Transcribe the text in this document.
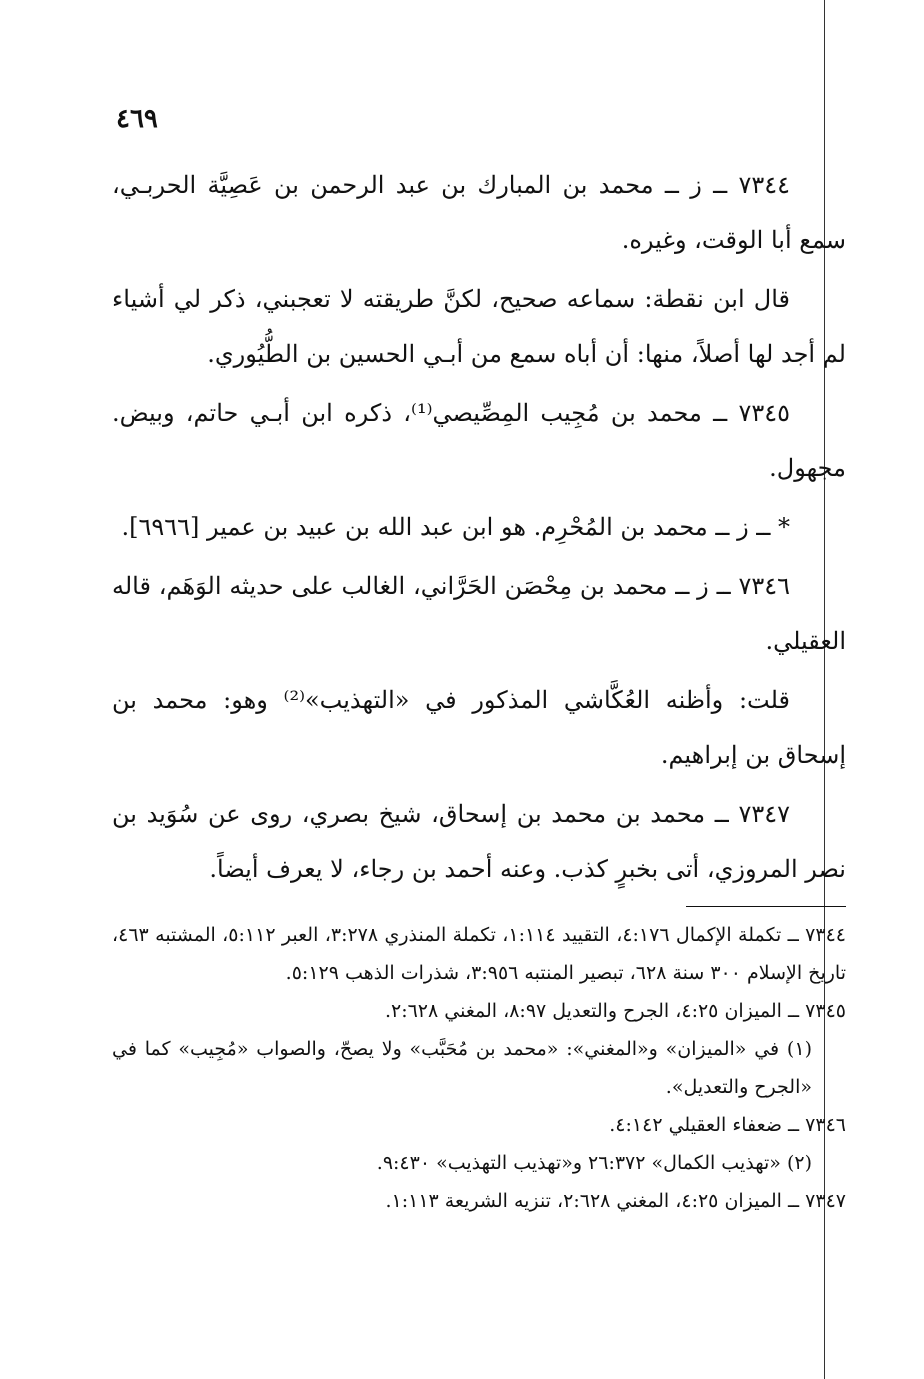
٤٦٩

٧٣٤٤ ــ ز ــ محمد بن المبارك بن عبد الرحمن بن عَصِيَّة الحربـي، سمع أبا الوقت، وغيره.

قال ابن نقطة: سماعه صحيح، لكنَّ طريقته لا تعجبني، ذكر لي أشياء لم أجد لها أصلاً، منها: أن أباه سمع من أبـي الحسين بن الطُّيُوري.

٧٣٤٥ ــ محمد بن مُجِيب المِصِّيصي⁽¹⁾، ذكره ابن أبـي حاتم، وبيض. مجهول.

* ــ ز ــ محمد بن المُحْرِم. هو ابن عبد الله بن عبيد بن عمير [٦٩٦٦].

٧٣٤٦ ــ ز ــ محمد بن مِحْصَن الحَرَّاني، الغالب على حديثه الوَهَم، قاله العقيلي.

قلت: وأظنه العُكَّاشي المذكور في «التهذيب»⁽²⁾ وهو: محمد بن إسحاق بن إبراهيم.

٧٣٤٧ ــ محمد بن محمد بن إسحاق، شيخ بصري، روى عن سُوَيد بن نصر المروزي، أتى بخبرٍ كذب. وعنه أحمد بن رجاء، لا يعرف أيضاً.

٧٣٤٤ ــ تكملة الإكمال ٤:١٧٦، التقييد ١:١١٤، تكملة المنذري ٣:٢٧٨، العبر ٥:١١٢، المشتبه ٤٦٣، تاريخ الإسلام ٣٠٠ سنة ٦٢٨، تبصير المنتبه ٣:٩٥٦، شذرات الذهب ٥:١٢٩.

٧٣٤٥ ــ الميزان ٤:٢٥، الجرح والتعديل ٨:٩٧، المغني ٢:٦٢٨.

(١) في «الميزان» و«المغني»: «محمد بن مُحَبَّب» ولا يصحّ، والصواب «مُجِيب» كما في «الجرح والتعديل».

٧٣٤٦ ــ ضعفاء العقيلي ٤:١٤٢.

(٢) «تهذيب الكمال» ٢٦:٣٧٢ و«تهذيب التهذيب» ٩:٤٣٠.

٧٣٤٧ ــ الميزان ٤:٢٥، المغني ٢:٦٢٨، تنزيه الشريعة ١:١١٣.
